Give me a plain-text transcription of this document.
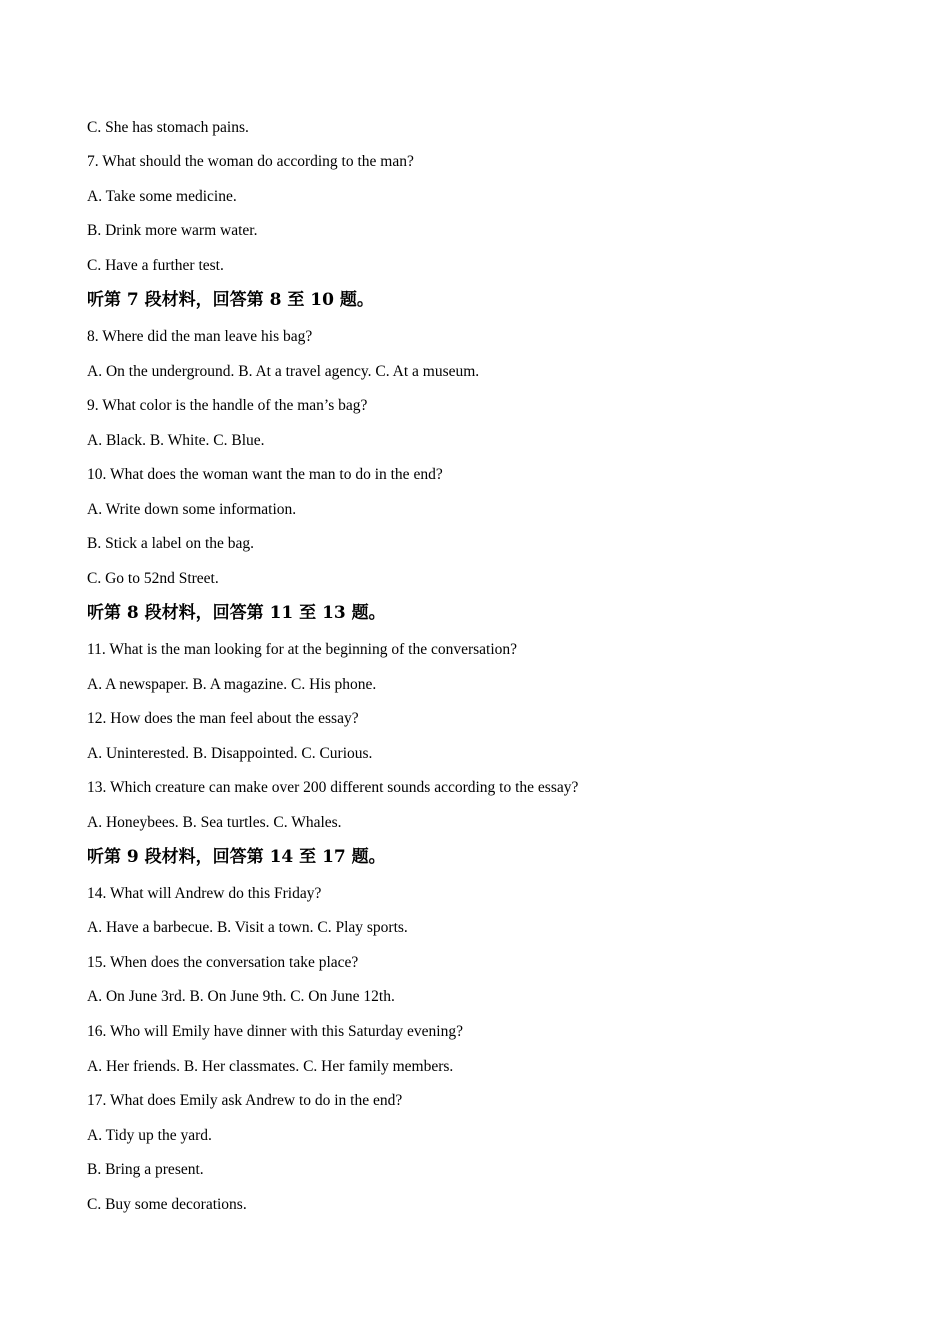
C. She has stomach pains.
7. What should the woman do according to the man?
A. Take some medicine.
B. Drink more warm water.
C. Have a further test.
听第 7 段材料，回答第 8 至 10 题。
8. Where did the man leave his bag?
A. On the underground. B. At a travel agency. C. At a museum.
9. What color is the handle of the man’s bag?
A. Black. B. White. C. Blue.
10. What does the woman want the man to do in the end?
A. Write down some information.
B. Stick a label on the bag.
C. Go to 52nd Street.
听第 8 段材料，回答第 11 至 13 题。
11. What is the man looking for at the beginning of the conversation?
A. A newspaper. B. A magazine. C. His phone.
12. How does the man feel about the essay?
A. Uninterested. B. Disappointed. C. Curious.
13. Which creature can make over 200 different sounds according to the essay?
A. Honeybees. B. Sea turtles. C. Whales.
听第 9 段材料，回答第 14 至 17 题。
14. What will Andrew do this Friday?
A. Have a barbecue. B. Visit a town. C. Play sports.
15. When does the conversation take place?
A. On June 3rd. B. On June 9th. C. On June 12th.
16. Who will Emily have dinner with this Saturday evening?
A. Her friends. B. Her classmates. C. Her family members.
17. What does Emily ask Andrew to do in the end?
A. Tidy up the yard.
B. Bring a present.
C. Buy some decorations.
